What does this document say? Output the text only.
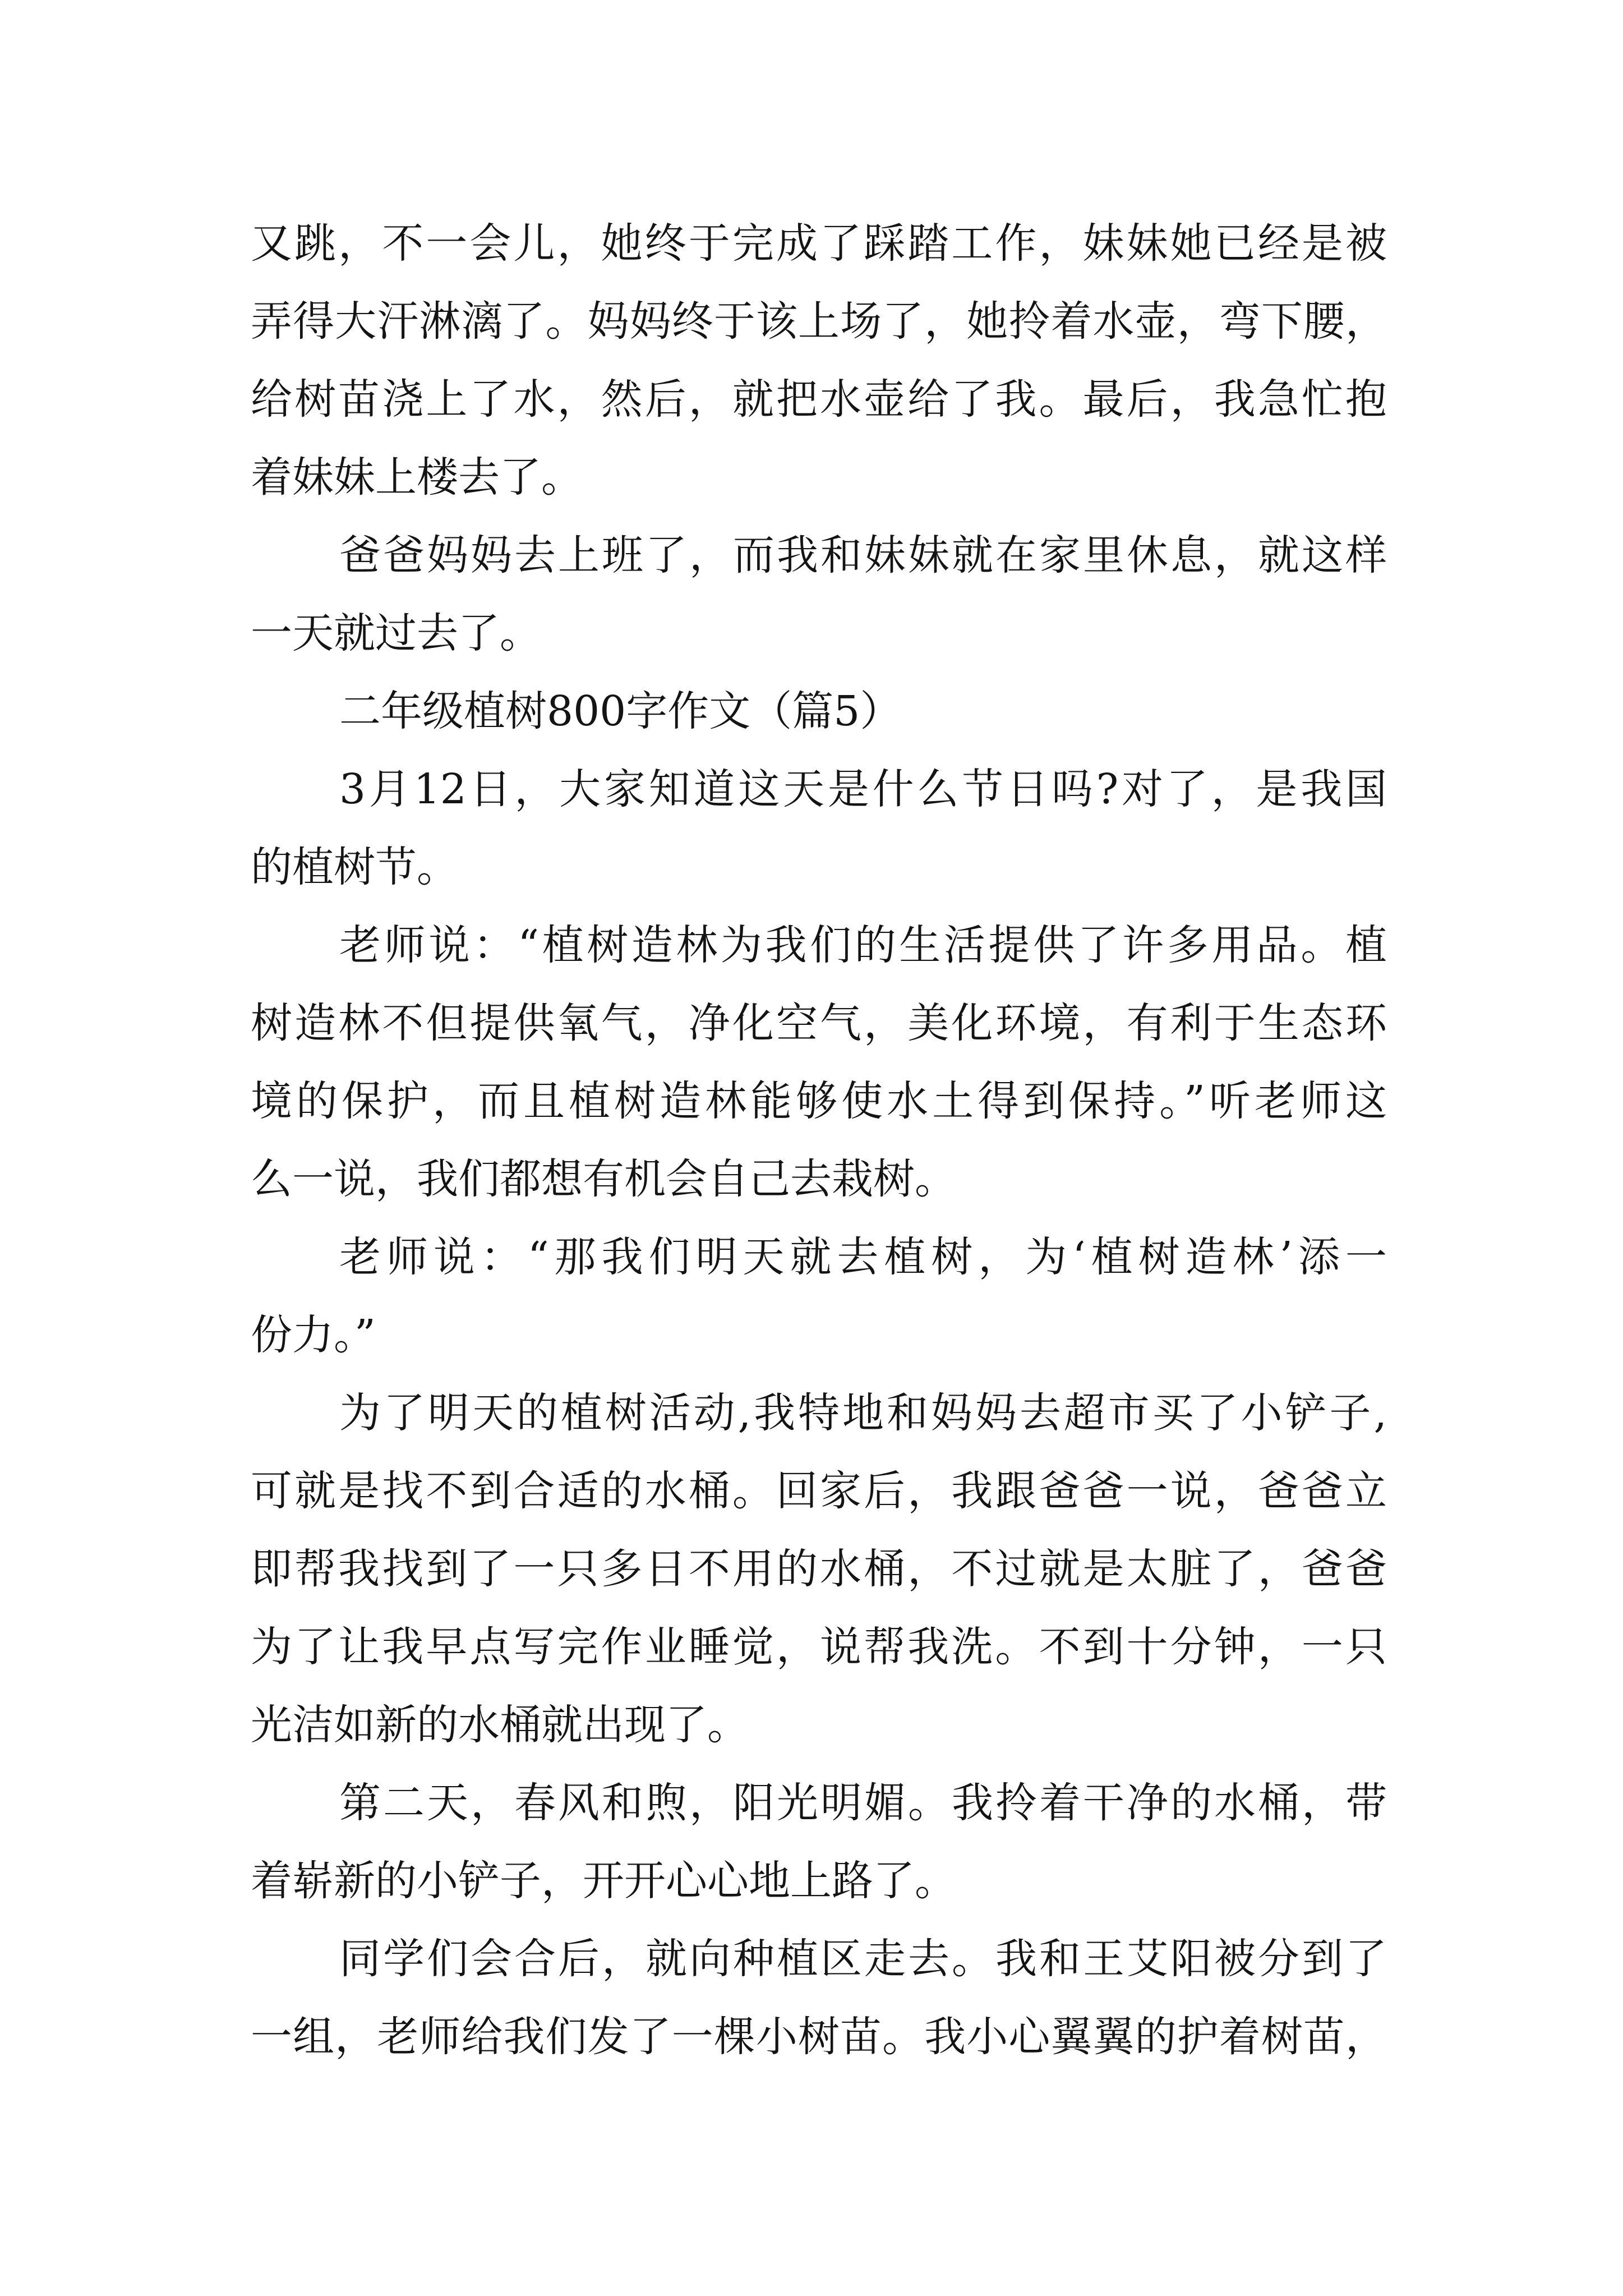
又跳，不一会儿，她终于完成了踩踏工作，妹妹她已经是被
弄得大汗淋漓了。妈妈终于该上场了，她拎着水壶，弯下腰，
给树苗浇上了水，然后，就把水壶给了我。最后，我急忙抱
着妹妹上楼去了。
爸爸妈妈去上班了，而我和妹妹就在家里休息，就这样
一天就过去了。
二年级植树800字作文（篇5）
3月12日，大家知道这天是什么节日吗?对了，是我国
的植树节。
老师说：“植树造林为我们的生活提供了许多用品。植
树造林不但提供氧气，净化空气，美化环境，有利于生态环
境的保护，而且植树造林能够使水土得到保持。”听老师这
么一说，我们都想有机会自己去栽树。
老师说：“那我们明天就去植树，为‘植树造林’添一
份力。”
为了明天的植树活动,我特地和妈妈去超市买了小铲子,
可就是找不到合适的水桶。回家后，我跟爸爸一说，爸爸立
即帮我找到了一只多日不用的水桶，不过就是太脏了，爸爸
为了让我早点写完作业睡觉，说帮我洗。不到十分钟，一只
光洁如新的水桶就出现了。
第二天，春风和煦，阳光明媚。我拎着干净的水桶，带
着崭新的小铲子，开开心心地上路了。
同学们会合后，就向种植区走去。我和王艾阳被分到了
一组，老师给我们发了一棵小树苗。我小心翼翼的护着树苗，
